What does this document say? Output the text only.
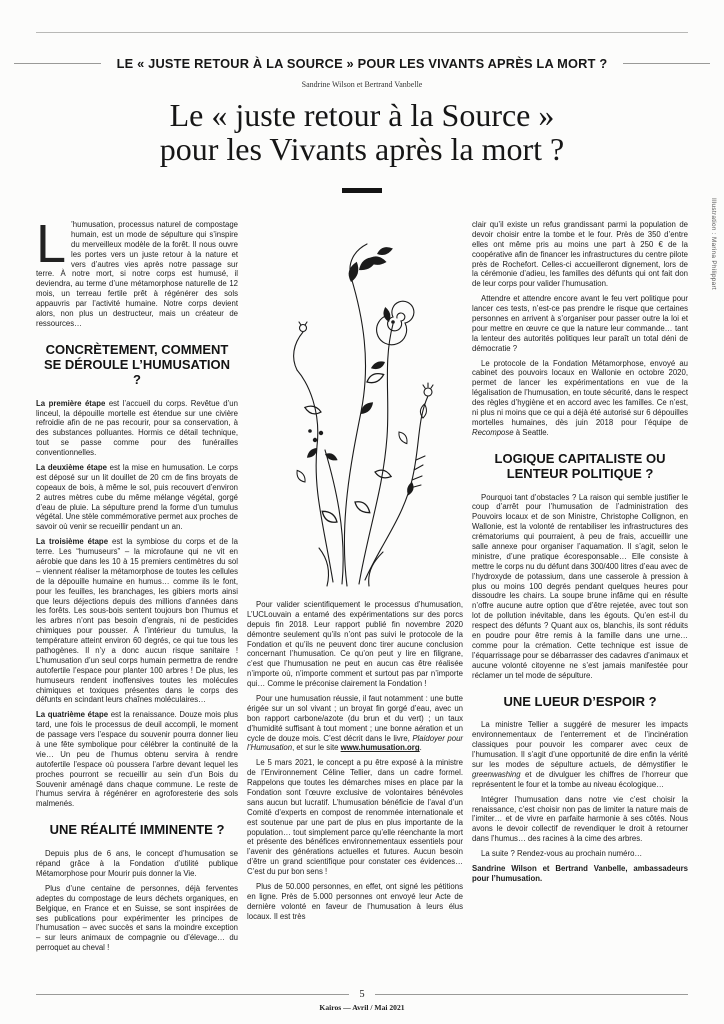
LE « JUSTE RETOUR À LA SOURCE » POUR LES VIVANTS APRÈS LA MORT ?
Sandrine Wilson et Bertrand Vanbelle
Le « juste retour à la Source »
pour les Vivants après la mort ?
Illustration : Marina Philippart

L ’humusation, processus naturel de compostage humain, est un mode de sépulture qui s’inspire du merveilleux modèle de la forêt. Il nous ouvre les portes vers un juste retour à la nature et vers d’autres vies après notre passage sur terre. À notre mort, si notre corps est humusé, il deviendra, au terme d’une métamorphose naturelle de 12 mois, un terreau fertile prêt à régénérer des sols appauvris par l’activité humaine. Notre corps devient alors, non plus un destructeur, mais un créateur de ressources…

CONCRÈTEMENT, COMMENT SE DÉROULE L’HUMUSATION ?

La première étape est l’accueil du corps. Revêtue d’un linceul, la dépouille mortelle est étendue sur une civière refroidie afin de ne pas recourir, pour sa conservation, à des substances polluantes. Hormis ce détail technique, tout se passe comme pour des funérailles conventionnelles.

La deuxième étape est la mise en humusation. Le corps est déposé sur un lit douillet de 20 cm de fins broyats de copeaux de bois, à même le sol, puis recouvert d’environ 2 autres mètres cube du même mélange végétal, gorgé d’eau de pluie. La sépulture prend la forme d’un tumulus végétal. Une stèle commémorative permet aux proches de savoir où venir se recueillir pendant un an.

La troisième étape est la symbiose du corps et de la terre. Les “humuseurs” – la microfaune qui ne vit en aérobie que dans les 10 à 15 premiers centimètres du sol – viennent réaliser la métamorphose de toutes les cellules de la dépouille humaine en humus… comme ils le font, pour les feuilles, les branchages, les gibiers morts ainsi que leurs déjections depuis des millions d’années dans les forêts. Les sous-bois sentent toujours bon l’humus et les arbres n’ont pas besoin d’engrais, ni de pesticides chimiques pour pousser. À l’intérieur du tumulus, la température atteint environ 60 degrés, ce qui tue tous les pathogènes. Il n’y a donc aucun risque sanitaire ! L’humusation d’un seul corps humain permettra de rendre autofertile l’espace pour planter 100 arbres ! De plus, les humuseurs rendent inoffensives toutes les molécules chimiques et toxiques présentes dans le corps des défunts en scindant leurs chaînes moléculaires…

La quatrième étape est la renaissance. Douze mois plus tard, une fois le processus de deuil accompli, le moment de passage vers l’espace du souvenir pourra donner lieu à une fête symbolique pour célébrer la continuité de la vie… Un peu de l’humus obtenu servira à rendre autofertile l’espace où poussera l’arbre devant lequel les proches pourront se recueillir au sein d’un Bois du Souvenir aménagé dans chaque commune. Le reste de l’humus servira à régénérer en agroforesterie des sols malmenés.

UNE RÉALITÉ IMMINENTE ?

Depuis plus de 6 ans, le concept d’humusation se répand grâce à la Fondation d’utilité publique Métamorphose pour Mourir puis donner la Vie.

Plus d’une centaine de personnes, déjà ferventes adeptes du compostage de leurs déchets organiques, en Belgique, en France et en Suisse, se sont inspirées de ses publications pour expérimenter les principes de l’humusation – avec succès et sans la moindre exception – sur leurs animaux de compagnie ou d’élevage… du perroquet au cheval !

Pour valider scientifiquement le processus d’humusation, L’UCLouvain a entamé des expérimentations sur des porcs depuis fin 2018. Leur rapport publié fin novembre 2020 démontre seulement qu’ils n’ont pas suivi le protocole de la Fondation et qu’ils ne peuvent donc tirer aucune conclusion concernant l’humusation. Ce qu’on peut y lire en filigrane, c’est que l’humusation ne peut en aucun cas être réalisée n’importe où, n’importe comment et surtout pas par n’importe qui… Comme le préconise clairement la Fondation !

Pour une humusation réussie, il faut notamment : une butte érigée sur un sol vivant ; un broyat fin gorgé d’eau, avec un bon rapport carbone/azote (du brun et du vert) ; un taux d’humidité suffisant à tout moment ; une bonne aération et un cycle de douze mois. C’est décrit dans le livre, Plaidoyer pour l’Humusation, et sur le site www.humusation.org.

Le 5 mars 2021, le concept a pu être exposé à la ministre de l’Environnement Céline Tellier, dans un cadre formel. Rappelons que toutes les démarches mises en place par la Fondation sont l’œuvre exclusive de volontaires bénévoles sans aucun but lucratif. L’humusation bénéficie de l’aval d’un Comité d’experts en compost de renommée internationale et est soutenue par une part de plus en plus importante de la population… tout simplement parce qu’elle réenchante la mort et présente des bénéfices environnementaux essentiels pour l’avenir des générations actuelles et futures. Aucun besoin d’être un grand scientifique pour constater ces évidences… C’est du pur bon sens !

Plus de 50.000 personnes, en effet, ont signé les pétitions en ligne. Près de 5.000 personnes ont envoyé leur Acte de dernière volonté en faveur de l’humusation à leurs élus locaux. Il est très

clair qu’il existe un refus grandissant parmi la population de devoir choisir entre la tombe et le four. Près de 350 d’entre elles ont même pris au moins une part à 250 € de la coopérative afin de financer les infrastructures du centre pilote près de Rochefort. Celles-ci accueilleront dignement, lors de la cérémonie d’adieu, les familles des défunts qui ont fait don de leur corps pour valider l’humusation.

Attendre et attendre encore avant le feu vert politique pour lancer ces tests, n’est-ce pas prendre le risque que certaines personnes en arrivent à s’organiser pour passer outre la loi et pour mettre en œuvre ce que la nature leur commande… tant la lenteur des autorités politiques leur paraît un total déni de démocratie ?

Le protocole de la Fondation Métamorphose, envoyé au cabinet des pouvoirs locaux en Wallonie en octobre 2020, permet de lancer les expérimentations en vue de la légalisation de l’humusation, en toute sécurité, dans le respect des règles d’hygiène et en accord avec les familles. Ce n’est, ni plus ni moins que ce qui a déjà été autorisé sur 6 dépouilles mortelles humaines, dès juin 2018 pour l’équipe de Recompose à Seattle.

LOGIQUE CAPITALISTE OU LENTEUR POLITIQUE ?

Pourquoi tant d’obstacles ? La raison qui semble justifier le coup d’arrêt pour l’humusation de l’administration des Pouvoirs locaux et de son Ministre, Christophe Collignon, en Wallonie, est la volonté de rentabiliser les infrastructures des crématoriums qui pourraient, à peu de frais, accueillir une salle annexe pour organiser l’aquamation. Il s’agit, selon le ministre, d’une pratique écoresponsable… Elle consiste à mettre le corps nu du défunt dans 300/400 litres d’eau avec de l’hydroxyde de potassium, dans une casserole à pression à plus ou moins 100 degrés pendant quelques heures pour dissoudre les chairs. La soupe brune infâme qui en résulte n’offre aucune autre option que d’être rejetée, avec tout son lot de pollution inévitable, dans les égouts. Qu’en est-il du respect des défunts ? Quant aux os, blanchis, ils sont réduits en poudre pour être remis à la famille dans une urne… comme pour la crémation. Cette technique est issue de l’équarrissage pour se débarrasser des cadavres d’animaux et aucune volonté citoyenne ne s’est jamais manifestée pour réclamer un tel mode de sépulture.

UNE LUEUR D’ESPOIR ?

La ministre Tellier a suggéré de mesurer les impacts environnementaux de l’enterrement et de l’incinération classiques pour pouvoir les comparer avec ceux de l’humusation. Il s’agit d’une opportunité de dire enfin la vérité sur les modes de sépulture actuels, de démystifier le greenwashing et de divulguer les chiffres de l’horreur que représentent le four et la tombe au niveau écologique…

Intégrer l’humusation dans notre vie c’est choisir la renaissance, c’est choisir non pas de limiter la nature mais de l’imiter… et de vivre en parfaite harmonie à ses côtés. Nous avons le devoir collectif de revendiquer le droit à retourner dans l’humus… des racines à la cime des arbres.

La suite ? Rendez-vous au prochain numéro…

Sandrine Wilson et Bertrand Vanbelle, ambassadeurs pour l’humusation.

5
Kairos — Avril / Mai 2021
